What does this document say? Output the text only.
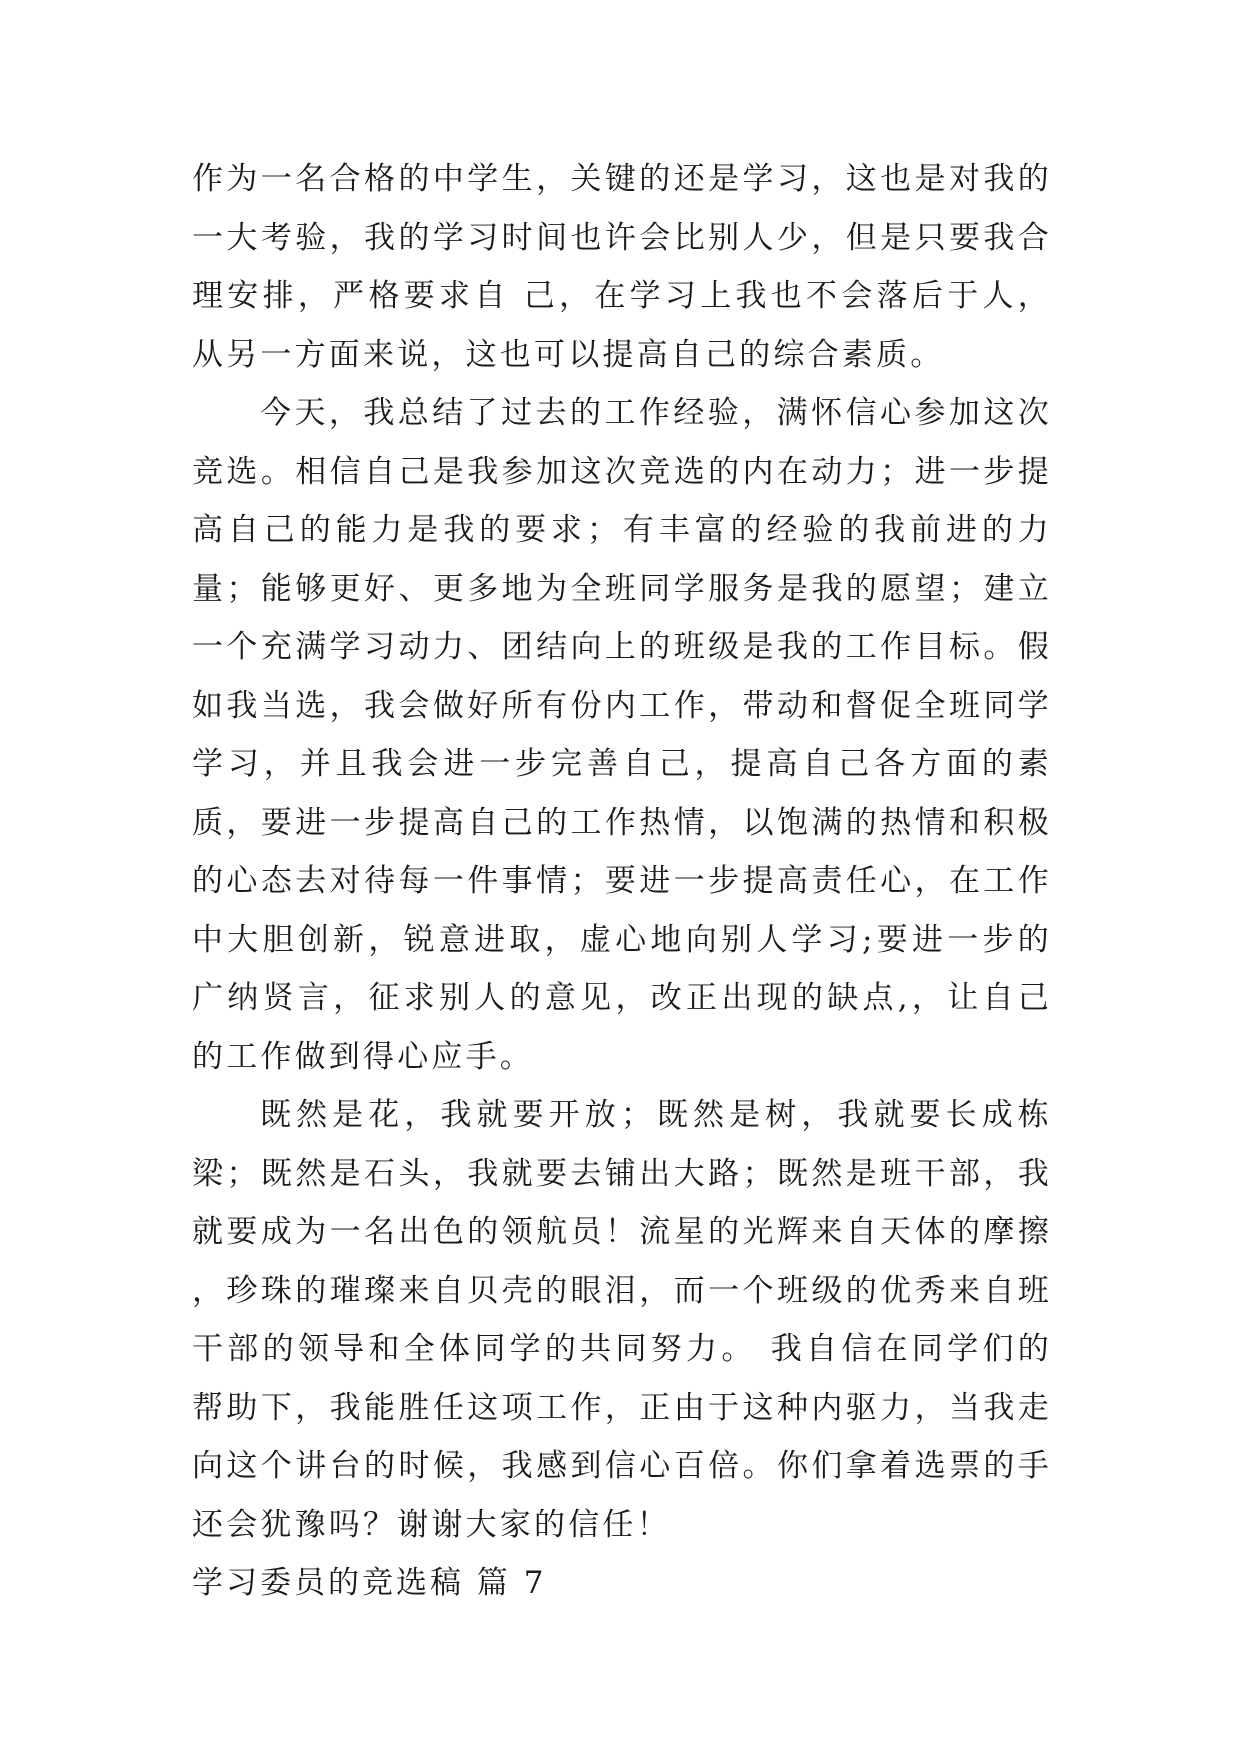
作为一名合格的中学生，关键的还是学习，这也是对我的一大考验，我的学习时间也许会比别人少，但是只要我合理安排，严格要求自 己，在学习上我也不会落后于人，从另一方面来说，这也可以提高自己的综合素质。

今天，我总结了过去的工作经验，满怀信心参加这次竞选。相信自己是我参加这次竞选的内在动力；进一步提高自己的能力是我的要求；有丰富的经验的我前进的力量；能够更好、更多地为全班同学服务是我的愿望；建立一个充满学习动力、团结向上的班级是我的工作目标。假如我当选，我会做好所有份内工作，带动和督促全班同学学习，并且我会进一步完善自己，提高自己各方面的素质，要进一步提高自己的工作热情，以饱满的热情和积极的心态去对待每一件事情；要进一步提高责任心，在工作中大胆创新，锐意进取，虚心地向别人学习;要进一步的广纳贤言，征求别人的意见，改正出现的缺点,，让自己的工作做到得心应手。

既然是花，我就要开放；既然是树，我就要长成栋梁；既然是石头，我就要去铺出大路；既然是班干部，我就要成为一名出色的领航员！流星的光辉来自天体的摩擦 ，珍珠的璀璨来自贝壳的眼泪，而一个班级的优秀来自班干部的领导和全体同学的共同努力。 我自信在同学们的帮助下，我能胜任这项工作，正由于这种内驱力，当我走向这个讲台的时候，我感到信心百倍。你们拿着选票的手还会犹豫吗？谢谢大家的信任！

学习委员的竞选稿 篇 7
